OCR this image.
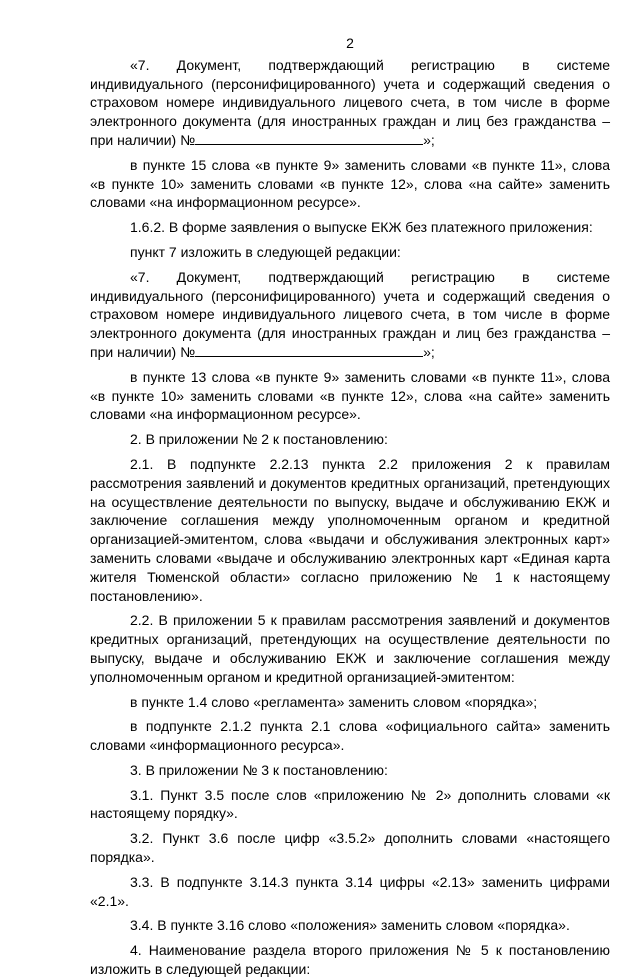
2

«7. Документ, подтверждающий регистрацию в системе индивидуального (персонифицированного) учета и содержащий сведения о страховом номере индивидуального лицевого счета, в том числе в форме электронного документа (для иностранных граждан и лиц без гражданства – при наличии) №	»;

в пункте 15 слова «в пункте 9» заменить словами «в пункте 11», слова «в пункте 10» заменить словами «в пункте 12», слова «на сайте» заменить словами «на информационном ресурсе».

1.6.2. В форме заявления о выпуске ЕКЖ без платежного приложения:

пункт 7 изложить в следующей редакции:

«7. Документ, подтверждающий регистрацию в системе индивидуального (персонифицированного) учета и содержащий сведения о страховом номере индивидуального лицевого счета, в том числе в форме электронного документа (для иностранных граждан и лиц без гражданства – при наличии) №	»;

в пункте 13 слова «в пункте 9» заменить словами «в пункте 11», слова «в пункте 10» заменить словами «в пункте 12», слова «на сайте» заменить словами «на информационном ресурсе».

2. В приложении № 2 к постановлению:

2.1. В подпункте 2.2.13 пункта 2.2 приложения 2 к правилам рассмотрения заявлений и документов кредитных организаций, претендующих на осуществление деятельности по выпуску, выдаче и обслуживанию ЕКЖ и заключение соглашения между уполномоченным органом и кредитной организацией-эмитентом, слова «выдачи и обслуживания электронных карт» заменить словами «выдаче и обслуживанию электронных карт «Единая карта жителя Тюменской области» согласно приложению № 1 к настоящему постановлению».

2.2. В приложении 5 к правилам рассмотрения заявлений и документов кредитных организаций, претендующих на осуществление деятельности по выпуску, выдаче и обслуживанию ЕКЖ и заключение соглашения между уполномоченным органом и кредитной организацией-эмитентом:

в пункте 1.4 слово «регламента» заменить словом «порядка»;

в подпункте 2.1.2 пункта 2.1 слова «официального сайта» заменить словами «информационного ресурса».

3. В приложении № 3 к постановлению:

3.1. Пункт 3.5 после слов «приложению № 2» дополнить словами «к настоящему порядку».

3.2. Пункт 3.6 после цифр «3.5.2» дополнить словами «настоящего порядка».

3.3. В подпункте 3.14.3 пункта 3.14 цифры «2.13» заменить цифрами «2.1».

3.4. В пункте 3.16 слово «положения» заменить словом «порядка».

4. Наименование раздела второго приложения № 5 к постановлению изложить в следующей редакции:
